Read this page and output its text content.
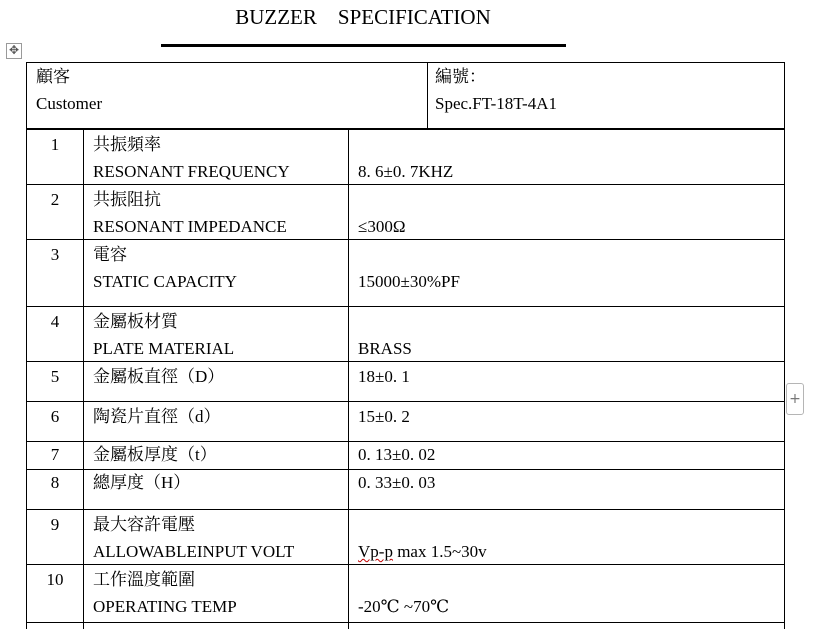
BUZZER    SPECIFICATION
✥
+
顧客
Customer
編號：
Spec.FT-18T-4A1
1	共振頻率
RESONANT FREQUENCY	8. 6±0. 7KHZ
2	共振阻抗
RESONANT IMPEDANCE	≤300Ω
3	電容
STATIC CAPACITY	15000±30%PF
4	金屬板材質
PLATE MATERIAL	BRASS
5	金屬板直徑（D）	18±0. 1
6	陶瓷片直徑（d）	15±0. 2
7	金屬板厚度（t）	0. 13±0. 02
8	總厚度（H）	0. 33±0. 03
9	最大容許電壓
ALLOWABLEINPUT VOLT	Vp-p max 1.5~30v
10	工作溫度範圍
OPERATING TEMP	-20℃ ~70℃
